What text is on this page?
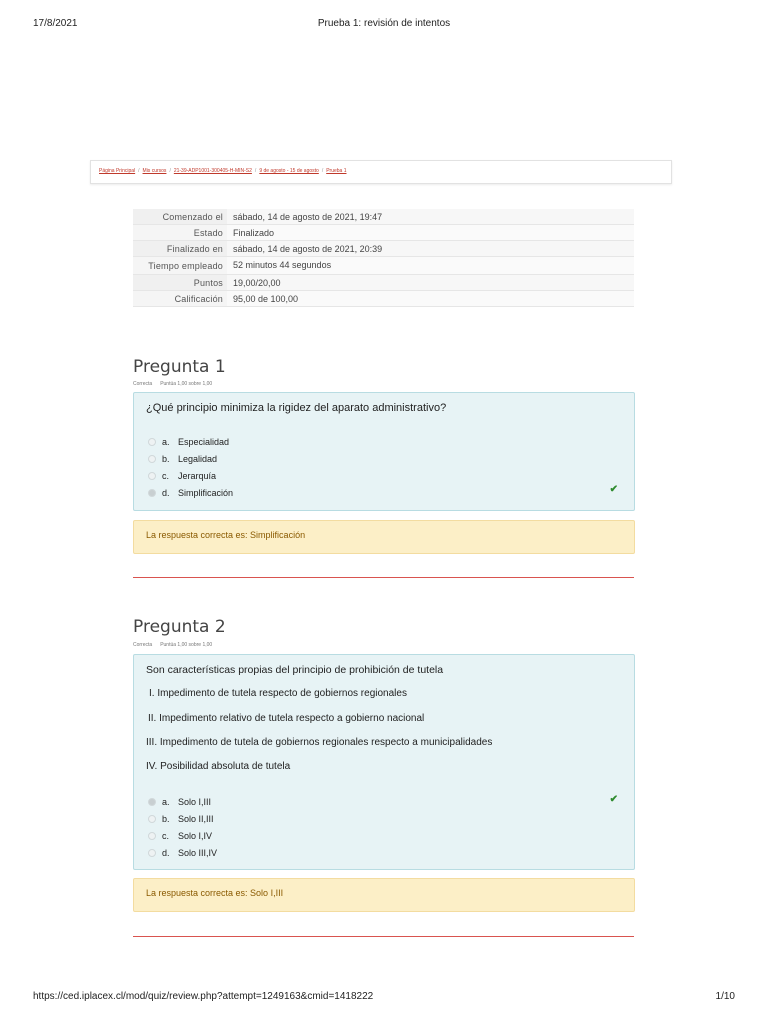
17/8/2021	Prueba 1: revisión de intentos
https://ced.iplacex.cl/mod/quiz/review.php?attempt=1249163&cmid=1418222	1/10
Página Principal / Mis cursos / 21-39-ADP1001-300405-H-MIN-S2 / 9 de agosto - 15 de agosto / Prueba 1
Comenzado el	sábado, 14 de agosto de 2021, 19:47
Estado	Finalizado
Finalizado en	sábado, 14 de agosto de 2021, 20:39
Tiempo empleado	52 minutos 44 segundos
Puntos	19,00/20,00
Calificación	95,00 de 100,00
Pregunta 1
Correcta Puntúa 1,00 sobre 1,00
¿Qué principio minimiza la rigidez del aparato administrativo?
a. Especialidad
b. Legalidad
c. Jerarquía
d. Simplificación	✔
La respuesta correcta es: Simplificación
Pregunta 2
Correcta Puntúa 1,00 sobre 1,00
Son características propias del principio de prohibición de tutela
I. Impedimento de tutela respecto de gobiernos regionales
II. Impedimento relativo de tutela respecto a gobierno nacional
III. Impedimento de tutela de gobiernos regionales respecto a municipalidades
IV. Posibilidad absoluta de tutela
a. Solo I,III
b. Solo II,III
c. Solo I,IV
d. Solo III,IV
✔
La respuesta correcta es: Solo I,III
